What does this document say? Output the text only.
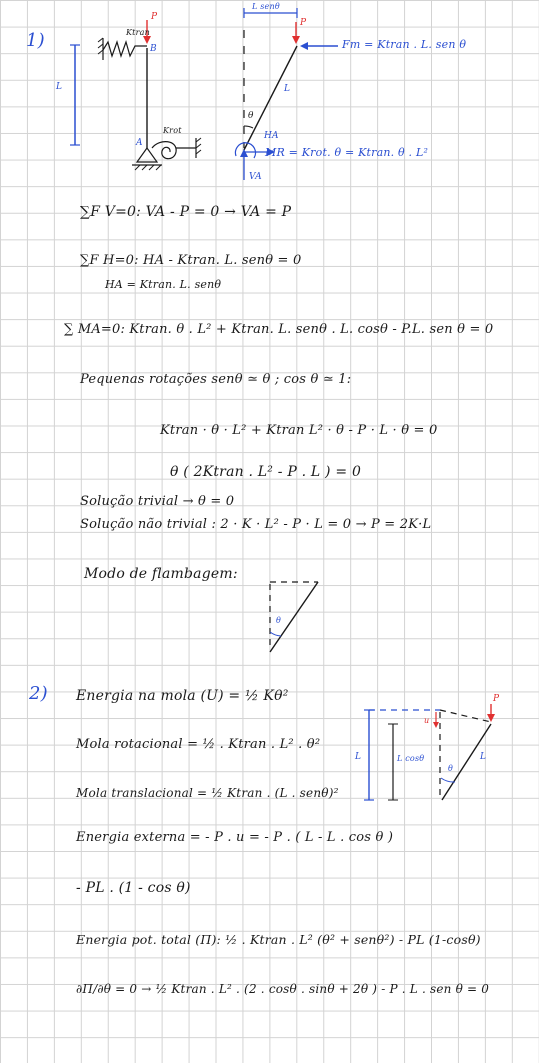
1)
P
Ktran
B
L
Krot
A
L senθ
P
Fm = Ktran . L. sen θ
L
θ
HA
MR = Krot. θ = Ktran. θ . L²
VA
∑F V=0: VA - P = 0 → VA = P
∑F H=0: HA - Ktran. L. senθ = 0
HA = Ktran. L. senθ
∑ MA=0: Ktran. θ . L² + Ktran. L. senθ . L. cosθ - P.L. sen θ = 0
Pequenas rotações senθ ≃ θ ; cos θ ≃ 1:
Ktran · θ · L² + Ktran L² · θ - P · L · θ = 0
θ ( 2Ktran . L² - P . L ) = 0
Solução trivial → θ = 0
Solução não trivial : 2 · K · L² - P · L = 0 → P = 2K·L
Modo de flambagem:
θ
2) Energia na mola (U) = ½ Kθ²
Mola rotacional = ½ . Ktran . L² . θ²
Mola translacional = ½ Ktran . (L . senθ)²
Energia externa = - P . u = - P . ( L - L . cos θ )
- PL . (1 - cos θ)
Energia pot. total (Π): ½ . Ktran . L² (θ² + senθ²) - PL (1-cosθ)
∂Π/∂θ = 0 → ½ Ktran . L² . (2 . cosθ . sinθ + 2θ ) - P . L . sen θ = 0
u
P
L	L cosθ
θ
L
